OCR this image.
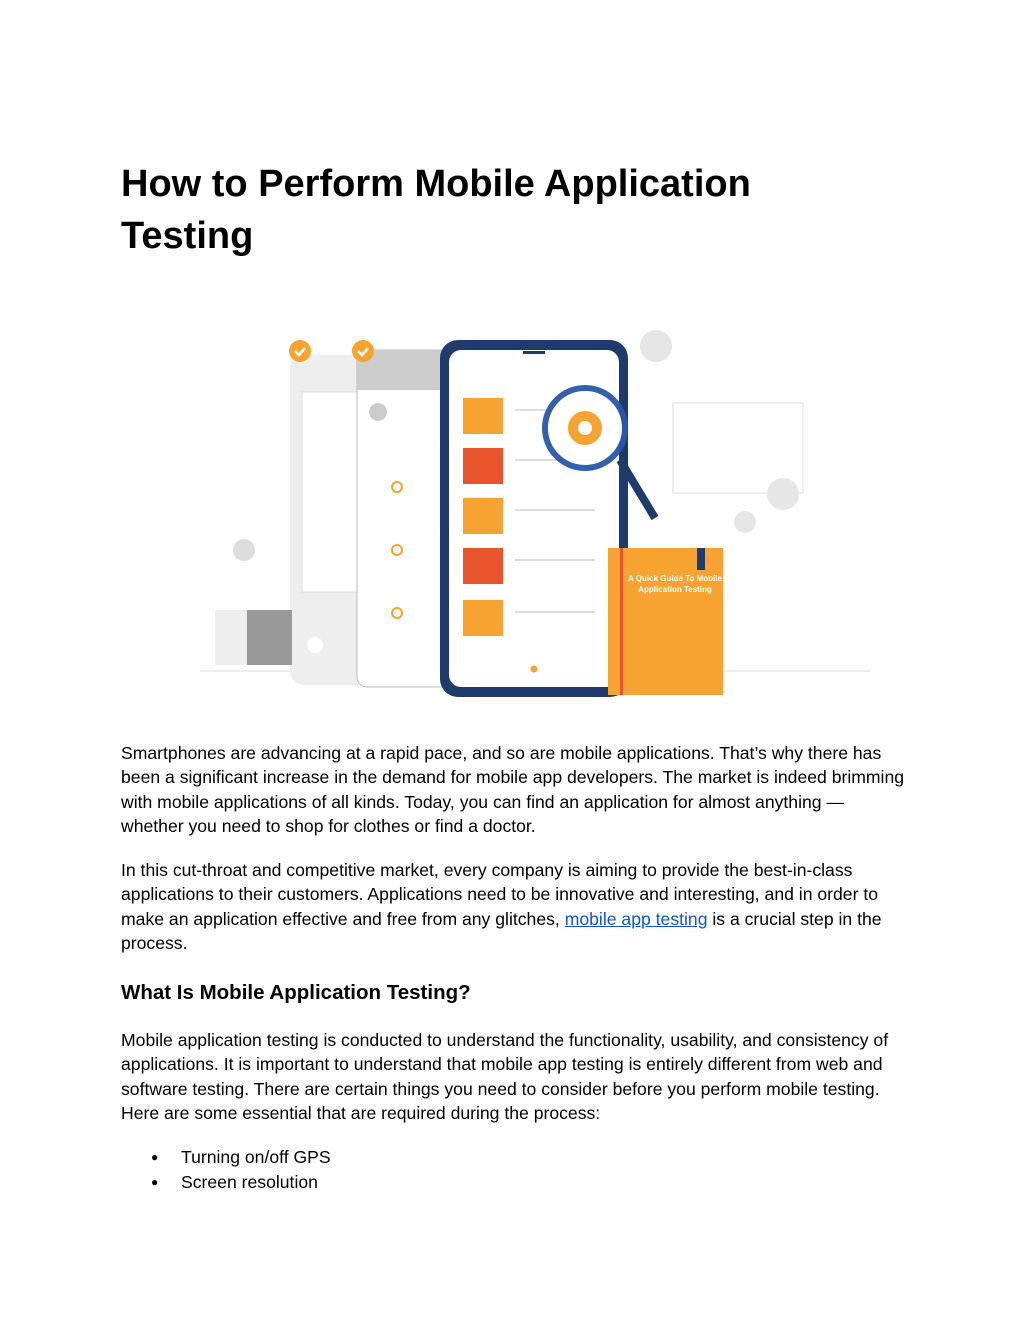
How to Perform Mobile Application Testing
A Quick Guide To Mobile Application Testing

Smartphones are advancing at a rapid pace, and so are mobile applications. That’s why there has been a significant increase in the demand for mobile app developers. The market is indeed brimming with mobile applications of all kinds. Today, you can find an application for almost anything — whether you need to shop for clothes or find a doctor.

In this cut-throat and competitive market, every company is aiming to provide the best-in-class applications to their customers. Applications need to be innovative and interesting, and in order to make an application effective and free from any glitches, mobile app testing is a crucial step in the process.

What Is Mobile Application Testing?

Mobile application testing is conducted to understand the functionality, usability, and consistency of applications. It is important to understand that mobile app testing is entirely different from web and software testing. There are certain things you need to consider before you perform mobile testing. Here are some essential that are required during the process:

● Turning on/off GPS
● Screen resolution
